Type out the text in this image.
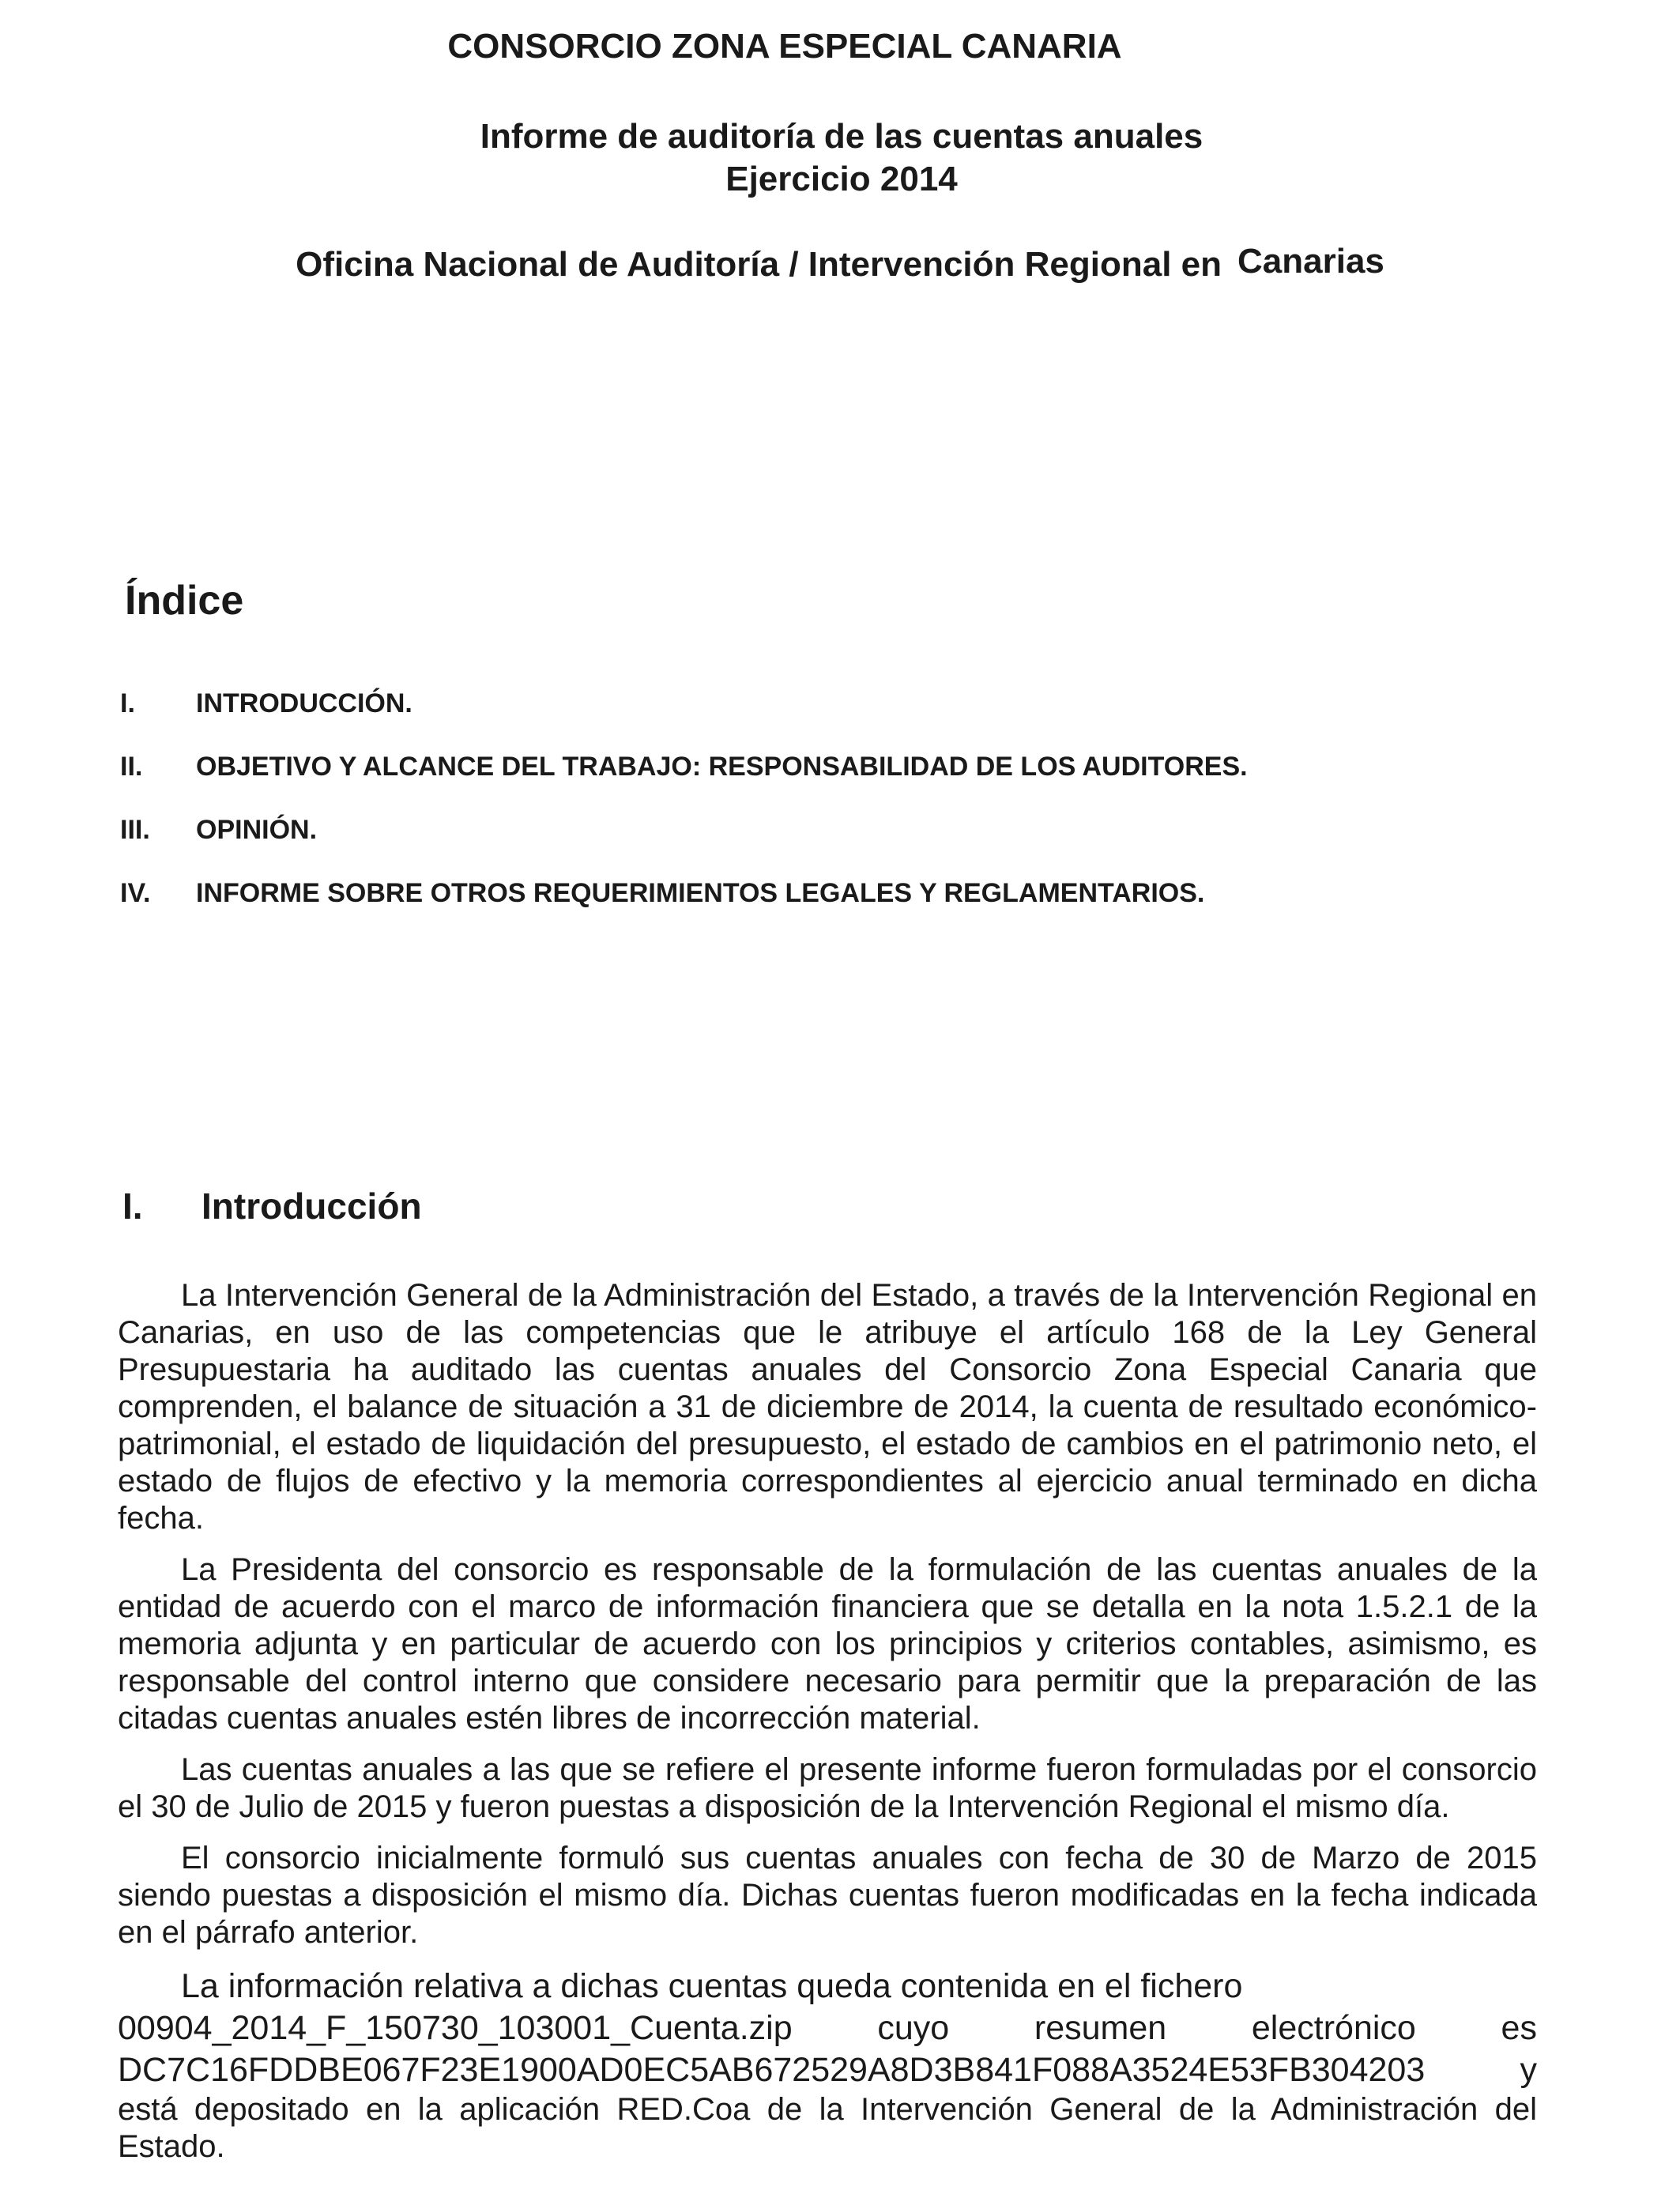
CONSORCIO ZONA ESPECIAL CANARIA
Informe de auditoría de las cuentas anuales
Ejercicio 2014
Oficina Nacional de Auditoría / Intervención Regional en Canarias
Índice
I. INTRODUCCIÓN.
II. OBJETIVO Y ALCANCE DEL TRABAJO: RESPONSABILIDAD DE LOS AUDITORES.
III. OPINIÓN.
IV. INFORME SOBRE OTROS REQUERIMIENTOS LEGALES Y REGLAMENTARIOS.
I. Introducción

La Intervención General de la Administración del Estado, a través de la Intervención Regional en Canarias, en uso de las competencias que le atribuye el artículo 168 de la Ley General Presupuestaria ha auditado las cuentas anuales del Consorcio Zona Especial Canaria que comprenden, el balance de situación a 31 de diciembre de 2014, la cuenta de resultado económico-patrimonial, el estado de liquidación del presupuesto, el estado de cambios en el patrimonio neto, el estado de flujos de efectivo y la memoria correspondientes al ejercicio anual terminado en dicha fecha.

La Presidenta del consorcio es responsable de la formulación de las cuentas anuales de la entidad de acuerdo con el marco de información financiera que se detalla en la nota 1.5.2.1 de la memoria adjunta y en particular de acuerdo con los principios y criterios contables, asimismo, es responsable del control interno que considere necesario para permitir que la preparación de las citadas cuentas anuales estén libres de incorrección material.

Las cuentas anuales a las que se refiere el presente informe fueron formuladas por el consorcio el 30 de Julio de 2015 y fueron puestas a disposición de la Intervención Regional el mismo día.

El consorcio inicialmente formuló sus cuentas anuales con fecha de 30 de Marzo de 2015 siendo puestas a disposición el mismo día. Dichas cuentas fueron modificadas en la fecha indicada en el párrafo anterior.

La información relativa a dichas cuentas queda contenida en el fichero
00904_2014_F_150730_103001_Cuenta.zip	cuyo	resumen	electrónico	es
DC7C16FDDBE067F23E1900AD0EC5AB672529A8D3B841F088A3524E53FB304203	y

está depositado en la aplicación RED.Coa de la Intervención General de la Administración del Estado.
